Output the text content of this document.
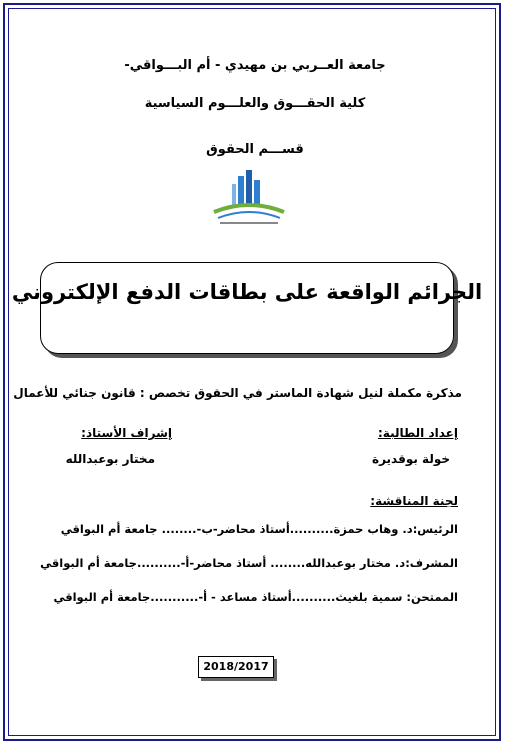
جامعة العــربي بن مهيدي - أم البـــواقي-
كلية الحقـــوق والعلـــوم السياسية
قســـم الحقوق
الجرائم الواقعة على بطاقات الدفع الإلكتروني
مذكرة مكملة لنيل شهادة الماستر في الحقوق تخصص : قانون جنائي للأعمال
إعداد الطالبة:
إشراف الأستاذ:
خولة بوقديرة
مختار بوعبدالله
لجنة المناقشة:
الرئيس:د. وهاب حمزة..........أستاذ محاضر-ب-........ جامعة أم البواقي
المشرف:د. مختار بوعبدالله........ أستاذ محاضر-أ-..........جامعة أم البواقي
الممتحن: سمية بلغيث..........أستاذ مساعد - أ-...........جامعة أم البواقي
2018/2017
